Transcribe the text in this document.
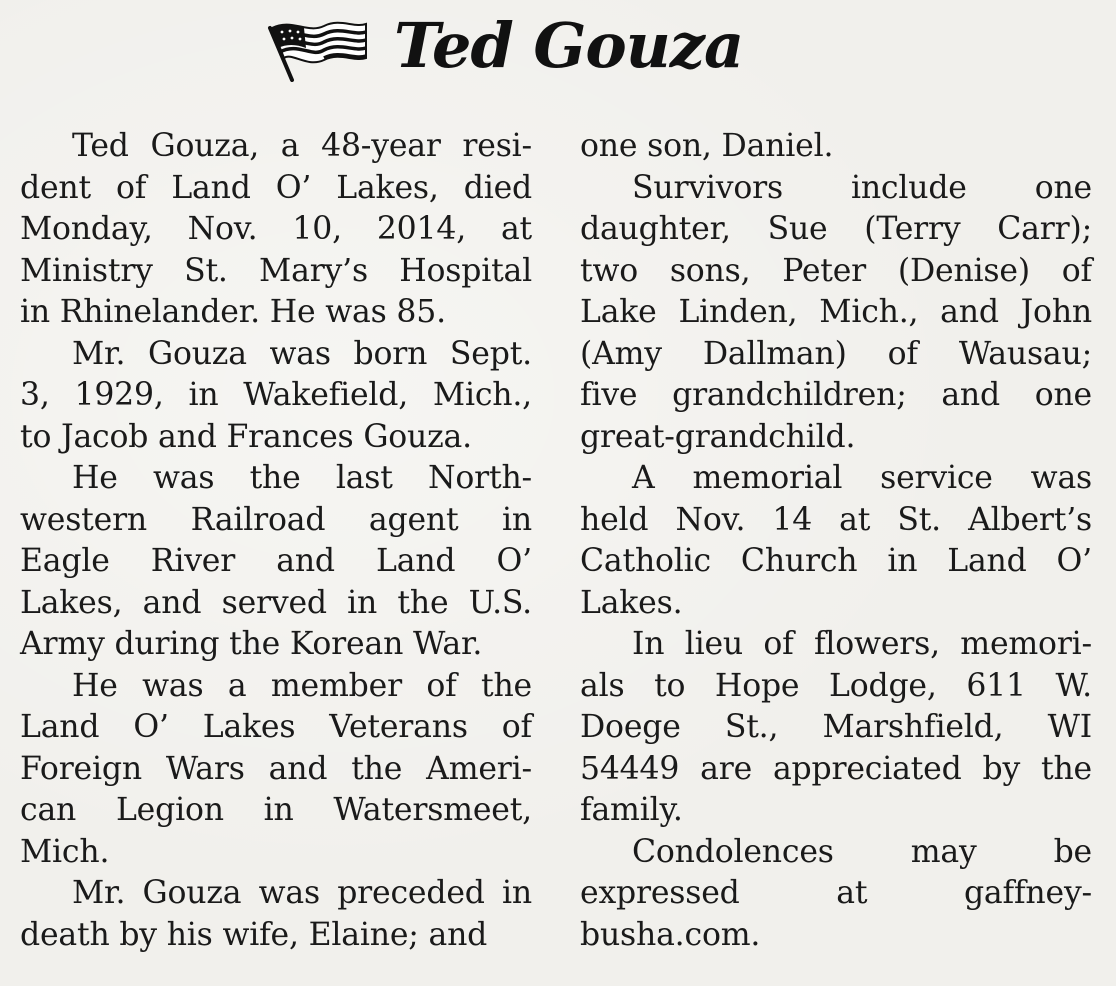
Ted Gouza

Ted Gouza, a 48-year resi-
dent of Land O’ Lakes, died
Monday, Nov. 10, 2014, at
Ministry St. Mary’s Hospital
in Rhinelander. He was 85.

Mr. Gouza was born Sept.
3, 1929, in Wakefield, Mich.,
to Jacob and Frances Gouza.

He was the last North-
western Railroad agent in
Eagle River and Land O’
Lakes, and served in the U.S.
Army during the Korean War.

He was a member of the
Land O’ Lakes Veterans of
Foreign Wars and the Ameri-
can Legion in Watersmeet,
Mich.

Mr. Gouza was preceded in
death by his wife, Elaine; and

one son, Daniel.

Survivors include one
daughter, Sue (Terry Carr);
two sons, Peter (Denise) of
Lake Linden, Mich., and John
(Amy Dallman) of Wausau;
five grandchildren; and one
great-grandchild.

A memorial service was
held Nov. 14 at St. Albert’s
Catholic Church in Land O’
Lakes.

In lieu of flowers, memori-
als to Hope Lodge, 611 W.
Doege St., Marshfield, WI
54449 are appreciated by the
family.

Condolences may be
expressed at gaffney-
busha.com.
